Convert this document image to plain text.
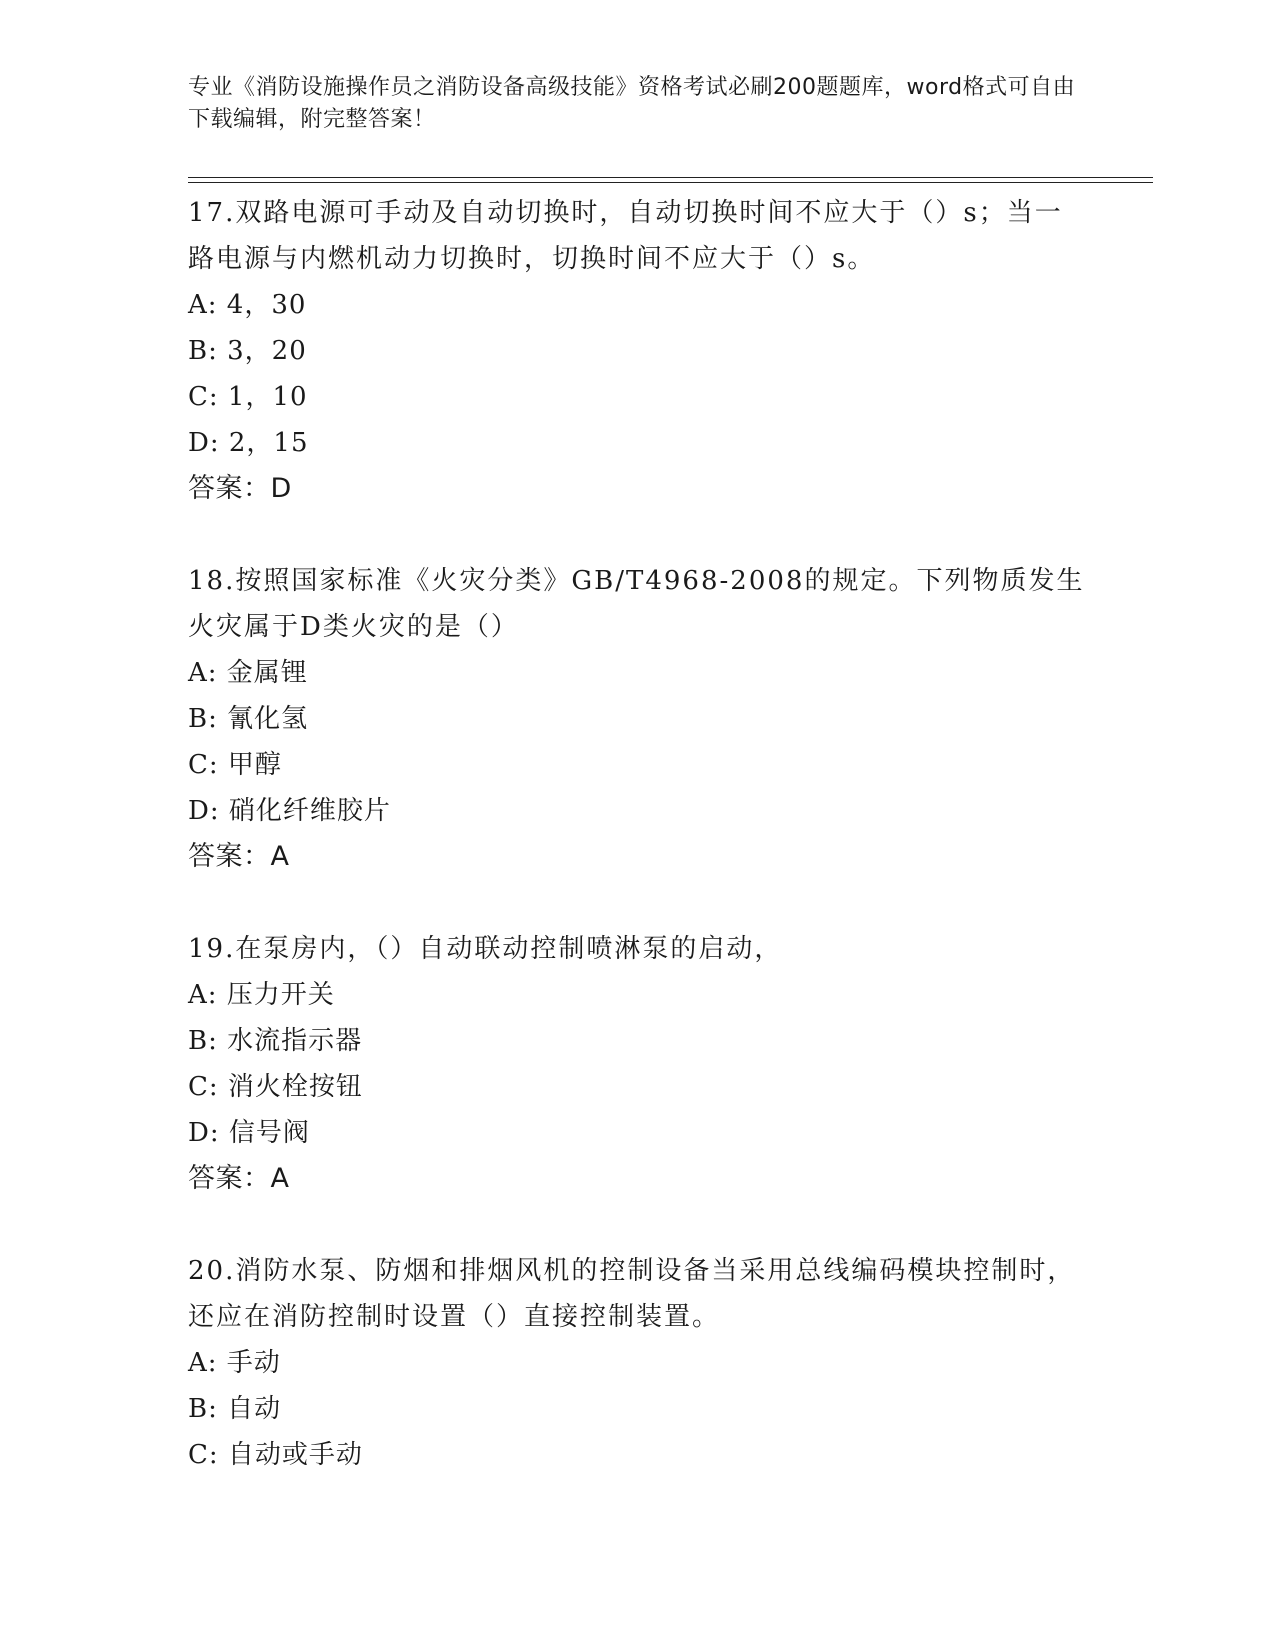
专业《消防设施操作员之消防设备高级技能》资格考试必刷200题题库，word格式可自由下载编辑，附完整答案！
17.双路电源可手动及自动切换时，自动切换时间不应大于（）s；当一路电源与内燃机动力切换时，切换时间不应大于（）s。
A: 4，30
B: 3，20
C: 1，10
D: 2，15
答案：D
18.按照国家标准《火灾分类》GB/T4968-2008的规定。下列物质发生火灾属于D类火灾的是（）
A: 金属锂
B: 氰化氢
C: 甲醇
D: 硝化纤维胶片
答案：A
19.在泵房内，（）自动联动控制喷淋泵的启动，
A: 压力开关
B: 水流指示器
C: 消火栓按钮
D: 信号阀
答案：A
20.消防水泵、防烟和排烟风机的控制设备当采用总线编码模块控制时，还应在消防控制时设置（）直接控制装置。
A: 手动
B: 自动
C: 自动或手动
